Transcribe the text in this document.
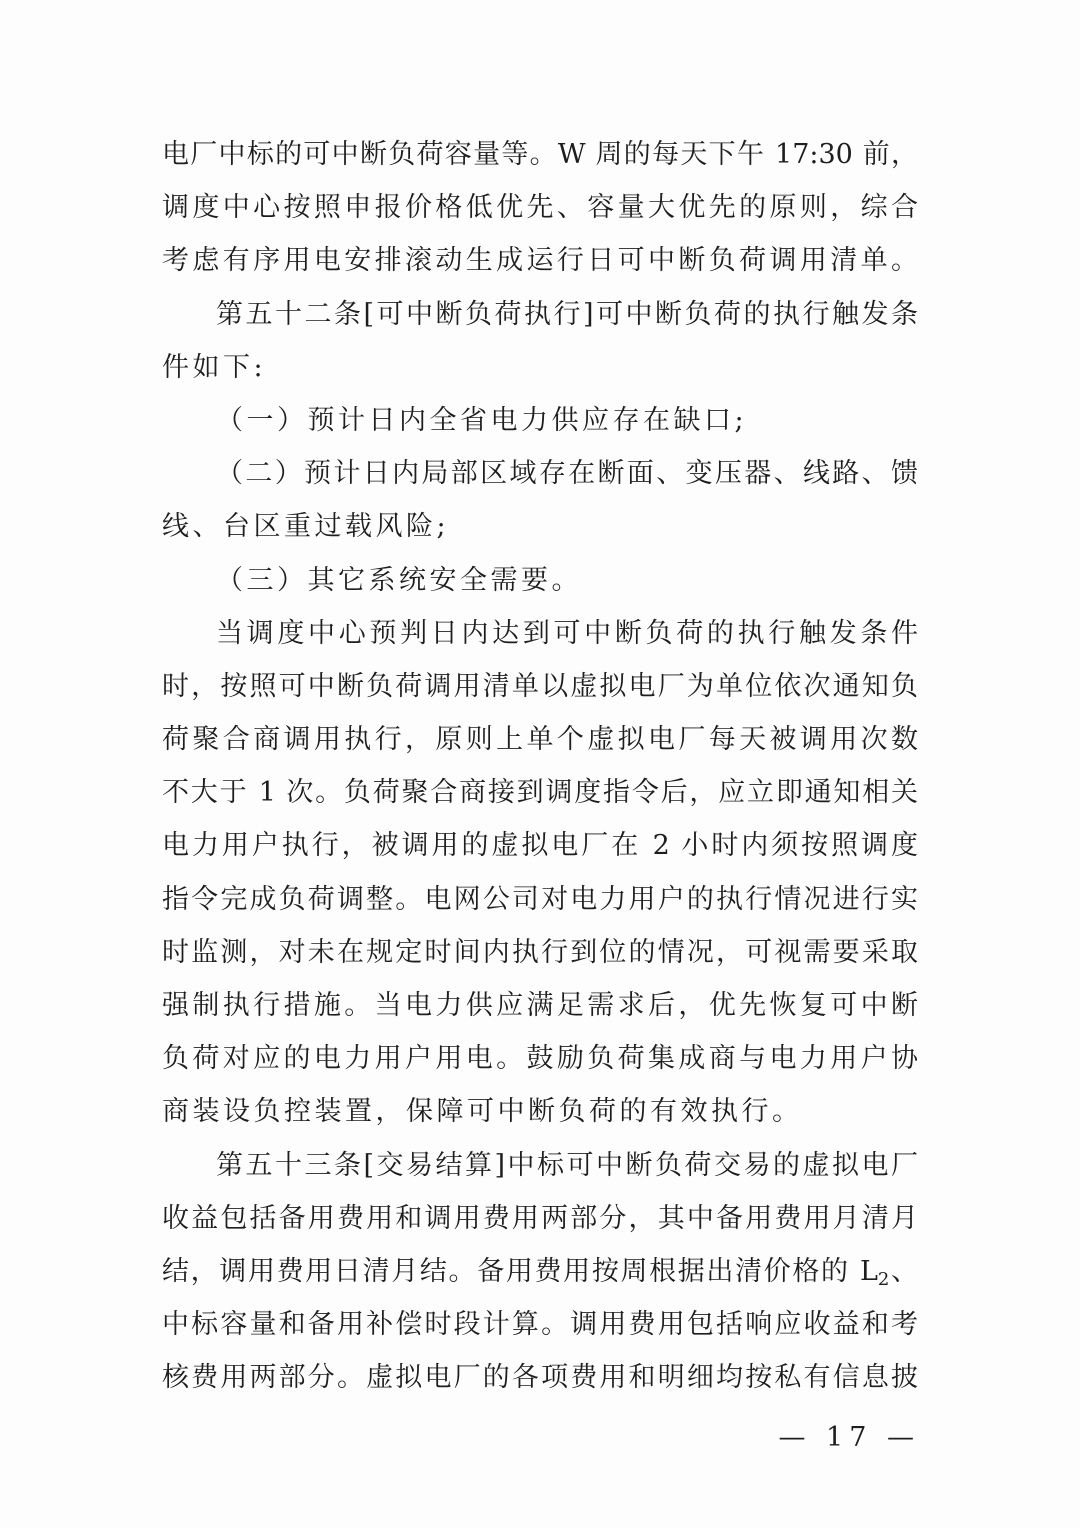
电厂中标的可中断负荷容量等。W 周的每天下午 17:30 前，
调度中心按照申报价格低优先、容量大优先的原则，综合
考虑有序用电安排滚动生成运行日可中断负荷调用清单。
第五十二条[可中断负荷执行]可中断负荷的执行触发条
件如下:
（一）预计日内全省电力供应存在缺口;
（二）预计日内局部区域存在断面、变压器、线路、馈
线、台区重过载风险;
（三）其它系统安全需要。
当调度中心预判日内达到可中断负荷的执行触发条件
时，按照可中断负荷调用清单以虚拟电厂为单位依次通知负
荷聚合商调用执行，原则上单个虚拟电厂每天被调用次数
不大于 1 次。负荷聚合商接到调度指令后，应立即通知相关
电力用户执行，被调用的虚拟电厂在 2 小时内须按照调度
指令完成负荷调整。电网公司对电力用户的执行情况进行实
时监测，对未在规定时间内执行到位的情况，可视需要采取
强制执行措施。当电力供应满足需求后，优先恢复可中断
负荷对应的电力用户用电。鼓励负荷集成商与电力用户协
商装设负控装置，保障可中断负荷的有效执行。
第五十三条[交易结算]中标可中断负荷交易的虚拟电厂
收益包括备用费用和调用费用两部分，其中备用费用月清月
结，调用费用日清月结。备用费用按周根据出清价格的 $L_2$、
中标容量和备用补偿时段计算。调用费用包括响应收益和考
核费用两部分。虚拟电厂的各项费用和明细均按私有信息披
— 17 —
